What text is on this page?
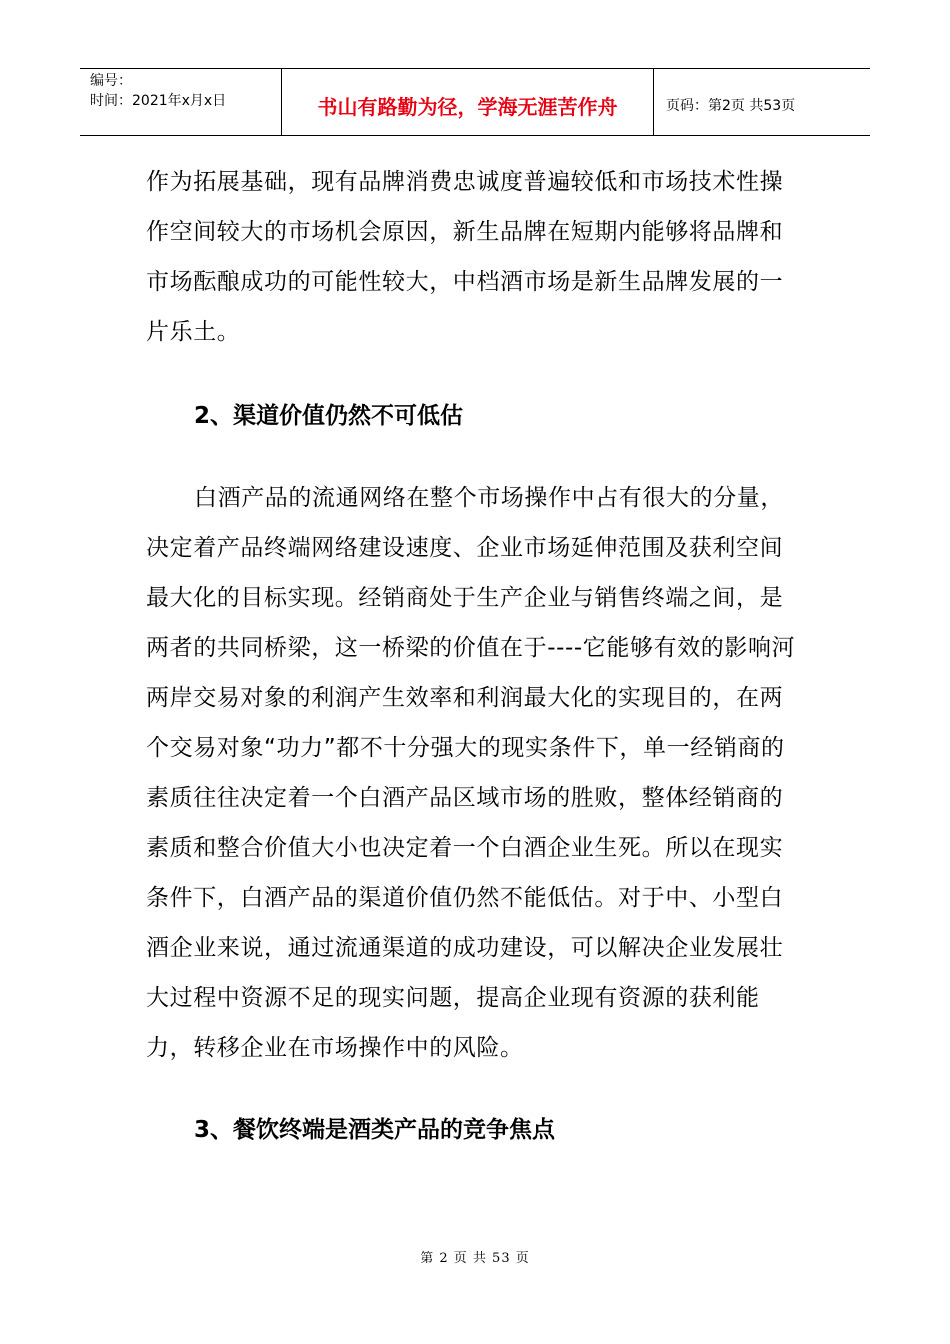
编号：
时间：2021年x月x日	书山有路勤为径，学海无涯苦作舟	页码：第2页 共53页

作为拓展基础，现有品牌消费忠诚度普遍较低和市场技术性操作空间较大的市场机会原因，新生品牌在短期内能够将品牌和市场酝酿成功的可能性较大，中档酒市场是新生品牌发展的一片乐土。

2、渠道价值仍然不可低估

白酒产品的流通网络在整个市场操作中占有很大的分量，决定着产品终端网络建设速度、企业市场延伸范围及获利空间最大化的目标实现。经销商处于生产企业与销售终端之间，是两者的共同桥梁，这一桥梁的价值在于----它能够有效的影响河两岸交易对象的利润产生效率和利润最大化的实现目的，在两个交易对象“功力”都不十分强大的现实条件下，单一经销商的素质往往决定着一个白酒产品区域市场的胜败，整体经销商的素质和整合价值大小也决定着一个白酒企业生死。所以在现实条件下，白酒产品的渠道价值仍然不能低估。对于中、小型白酒企业来说，通过流通渠道的成功建设，可以解决企业发展壮大过程中资源不足的现实问题，提高企业现有资源的获利能力，转移企业在市场操作中的风险。

3、餐饮终端是酒类产品的竞争焦点
第 2 页 共 53 页
